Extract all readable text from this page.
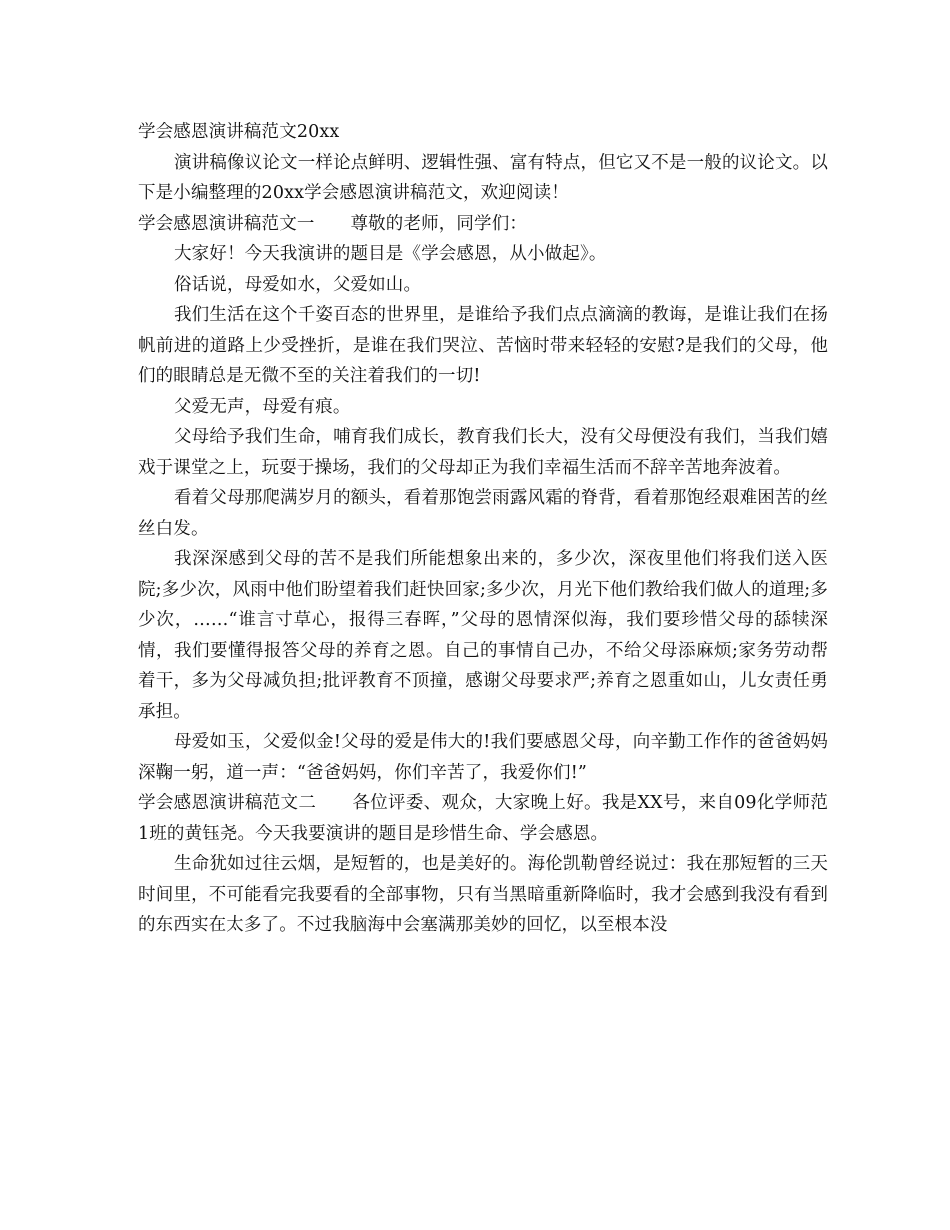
学会感恩演讲稿范文20xx

演讲稿像议论文一样论点鲜明、逻辑性强、富有特点，但它又不是一般的议论文。以下是小编整理的20xx学会感恩演讲稿范文，欢迎阅读！

学会感恩演讲稿范文一 尊敬的老师，同学们：

大家好！今天我演讲的题目是《学会感恩，从小做起》。

俗话说，母爱如水，父爱如山。

我们生活在这个千姿百态的世界里，是谁给予我们点点滴滴的教诲，是谁让我们在扬帆前进的道路上少受挫折，是谁在我们哭泣、苦恼时带来轻轻的安慰?是我们的父母，他们的眼睛总是无微不至的关注着我们的一切!

父爱无声，母爱有痕。

父母给予我们生命，哺育我们成长，教育我们长大，没有父母便没有我们，当我们嬉戏于课堂之上，玩耍于操场，我们的父母却正为我们幸福生活而不辞辛苦地奔波着。

看着父母那爬满岁月的额头，看着那饱尝雨露风霜的脊背，看着那饱经艰难困苦的丝丝白发。

我深深感到父母的苦不是我们所能想象出来的，多少次，深夜里他们将我们送入医院;多少次，风雨中他们盼望着我们赶快回家;多少次，月光下他们教给我们做人的道理;多少次，……“谁言寸草心，报得三春晖，”父母的恩情深似海，我们要珍惜父母的舔犊深情，我们要懂得报答父母的养育之恩。自己的事情自己办，不给父母添麻烦;家务劳动帮着干，多为父母减负担;批评教育不顶撞，感谢父母要求严;养育之恩重如山，儿女责任勇承担。

母爱如玉，父爱似金!父母的爱是伟大的!我们要感恩父母，向辛勤工作作的爸爸妈妈深鞠一躬，道一声：“爸爸妈妈，你们辛苦了，我爱你们!”

学会感恩演讲稿范文二 各位评委、观众，大家晚上好。我是XX号，来自09化学师范1班的黄钰尧。今天我要演讲的题目是珍惜生命、学会感恩。

生命犹如过往云烟，是短暂的，也是美好的。海伦凯勒曾经说过：我在那短暂的三天时间里，不可能看完我要看的全部事物，只有当黑暗重新降临时，我才会感到我没有看到的东西实在太多了。不过我脑海中会塞满那美妙的回忆，以至根本没
